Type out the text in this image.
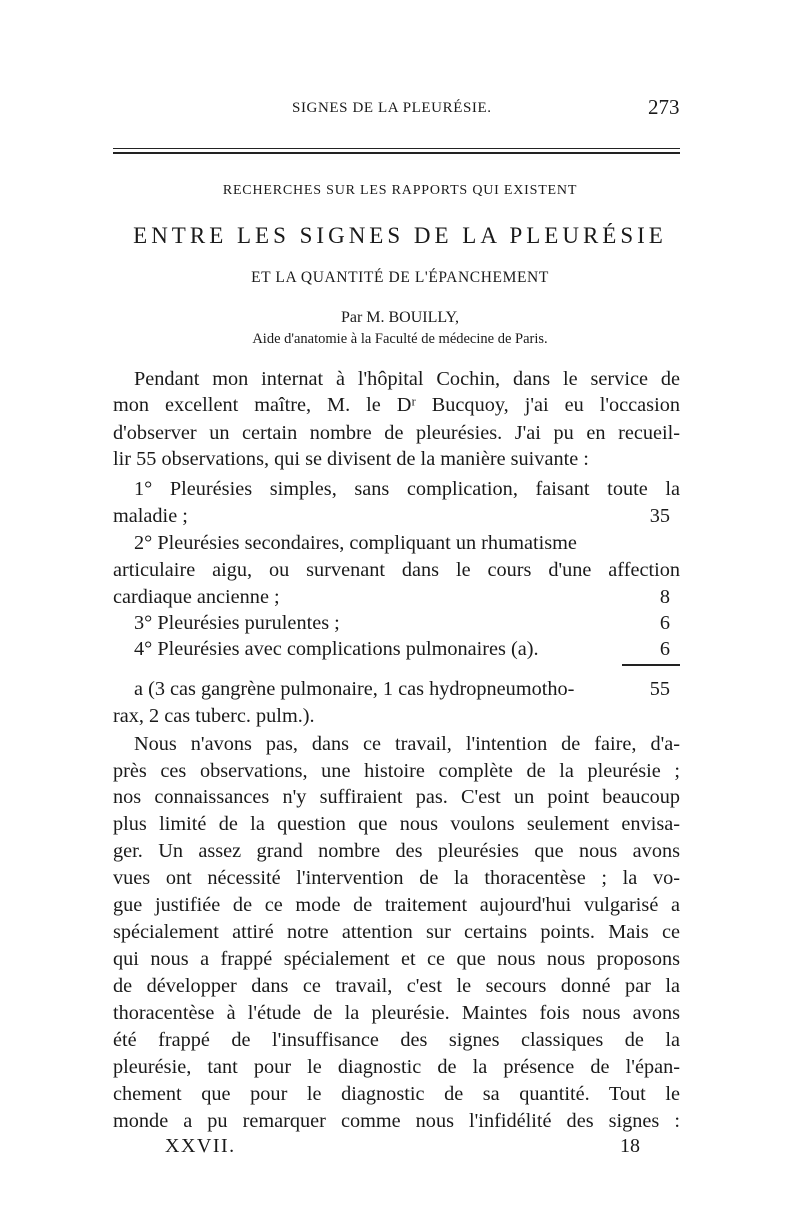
SIGNES DE LA PLEURÉSIE.	273
RECHERCHES SUR LES RAPPORTS QUI EXISTENT
ENTRE LES SIGNES DE LA PLEURÉSIE
ET LA QUANTITÉ DE L'ÉPANCHEMENT
Par M. BOUILLY,
Aide d'anatomie à la Faculté de médecine de Paris.
Pendant mon internat à l'hôpital Cochin, dans le service de
mon excellent maître, M. le Dʳ Bucquoy, j'ai eu l'occasion
d'observer un certain nombre de pleurésies. J'ai pu en recueil-
lir 55 observations, qui se divisent de la manière suivante :
1° Pleurésies simples, sans complication, faisant toute la
maladie ;	35
2° Pleurésies secondaires, compliquant un rhumatisme
articulaire aigu, ou survenant dans le cours d'une affection
cardiaque ancienne ;	8
3° Pleurésies purulentes ;	6
4° Pleurésies avec complications pulmonaires (a).	6
a (3 cas gangrène pulmonaire, 1 cas hydropneumotho-	55
rax, 2 cas tuberc. pulm.).
Nous n'avons pas, dans ce travail, l'intention de faire, d'a-
près ces observations, une histoire complète de la pleurésie ;
nos connaissances n'y suffiraient pas. C'est un point beaucoup
plus limité de la question que nous voulons seulement envisa-
ger. Un assez grand nombre des pleurésies que nous avons
vues ont nécessité l'intervention de la thoracentèse ; la vo-
gue justifiée de ce mode de traitement aujourd'hui vulgarisé a
spécialement attiré notre attention sur certains points. Mais ce
qui nous a frappé spécialement et ce que nous nous proposons
de développer dans ce travail, c'est le secours donné par la
thoracentèse à l'étude de la pleurésie. Maintes fois nous avons
été frappé de l'insuffisance des signes classiques de la
pleurésie, tant pour le diagnostic de la présence de l'épan-
chement que pour le diagnostic de sa quantité. Tout le
monde a pu remarquer comme nous l'infidélité des signes :
XXVII.	18
